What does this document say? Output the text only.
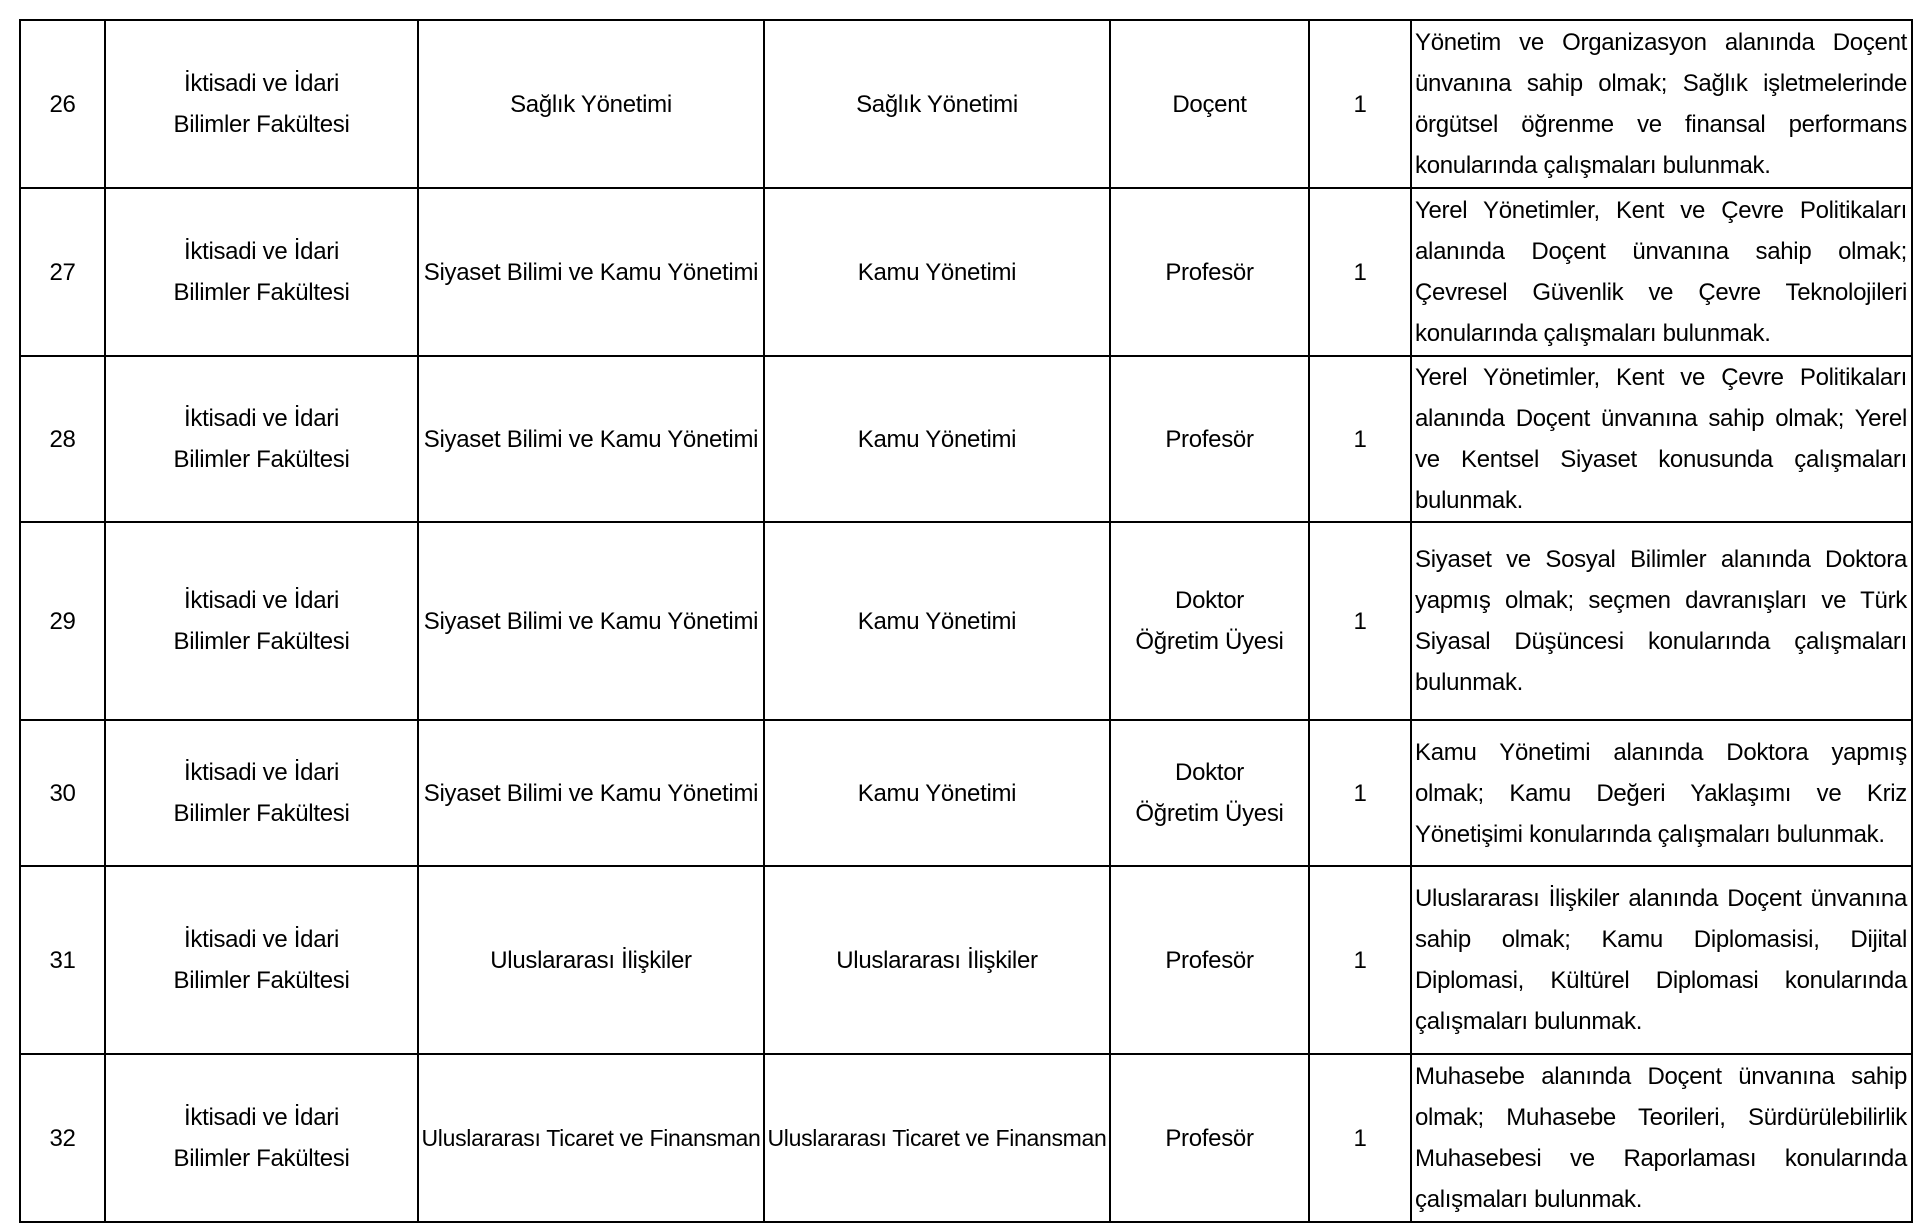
26	İktisadi ve İdari Bilimler Fakültesi	Sağlık Yönetimi	Sağlık Yönetimi	Doçent	1	Yönetim ve Organizasyon alanında Doçent ünvanına sahip olmak; Sağlık işletmelerinde örgütsel öğrenme ve finansal performans konularında çalışmaları bulunmak.
27	İktisadi ve İdari Bilimler Fakültesi	Siyaset Bilimi ve Kamu Yönetimi	Kamu Yönetimi	Profesör	1	Yerel Yönetimler, Kent ve Çevre Politikaları alanında Doçent ünvanına sahip olmak; Çevresel Güvenlik ve Çevre Teknolojileri konularında çalışmaları bulunmak.
28	İktisadi ve İdari Bilimler Fakültesi	Siyaset Bilimi ve Kamu Yönetimi	Kamu Yönetimi	Profesör	1	Yerel Yönetimler, Kent ve Çevre Politikaları alanında Doçent ünvanına sahip olmak; Yerel ve Kentsel Siyaset konusunda çalışmaları bulunmak.
29	İktisadi ve İdari Bilimler Fakültesi	Siyaset Bilimi ve Kamu Yönetimi	Kamu Yönetimi	Doktor Öğretim Üyesi	1	Siyaset ve Sosyal Bilimler alanında Doktora yapmış olmak; seçmen davranışları ve Türk Siyasal Düşüncesi konularında çalışmaları bulunmak.
30	İktisadi ve İdari Bilimler Fakültesi	Siyaset Bilimi ve Kamu Yönetimi	Kamu Yönetimi	Doktor Öğretim Üyesi	1	Kamu Yönetimi alanında Doktora yapmış olmak; Kamu Değeri Yaklaşımı ve Kriz Yönetişimi konularında çalışmaları bulunmak.
31	İktisadi ve İdari Bilimler Fakültesi	Uluslararası İlişkiler	Uluslararası İlişkiler	Profesör	1	Uluslararası İlişkiler alanında Doçent ünvanına sahip olmak; Kamu Diplomasisi, Dijital Diplomasi, Kültürel Diplomasi konularında çalışmaları bulunmak.
32	İktisadi ve İdari Bilimler Fakültesi	Uluslararası Ticaret ve Finansman	Uluslararası Ticaret ve Finansman	Profesör	1	Muhasebe alanında Doçent ünvanına sahip olmak; Muhasebe Teorileri, Sürdürülebilirlik Muhasebesi ve Raporlaması konularında çalışmaları bulunmak.
